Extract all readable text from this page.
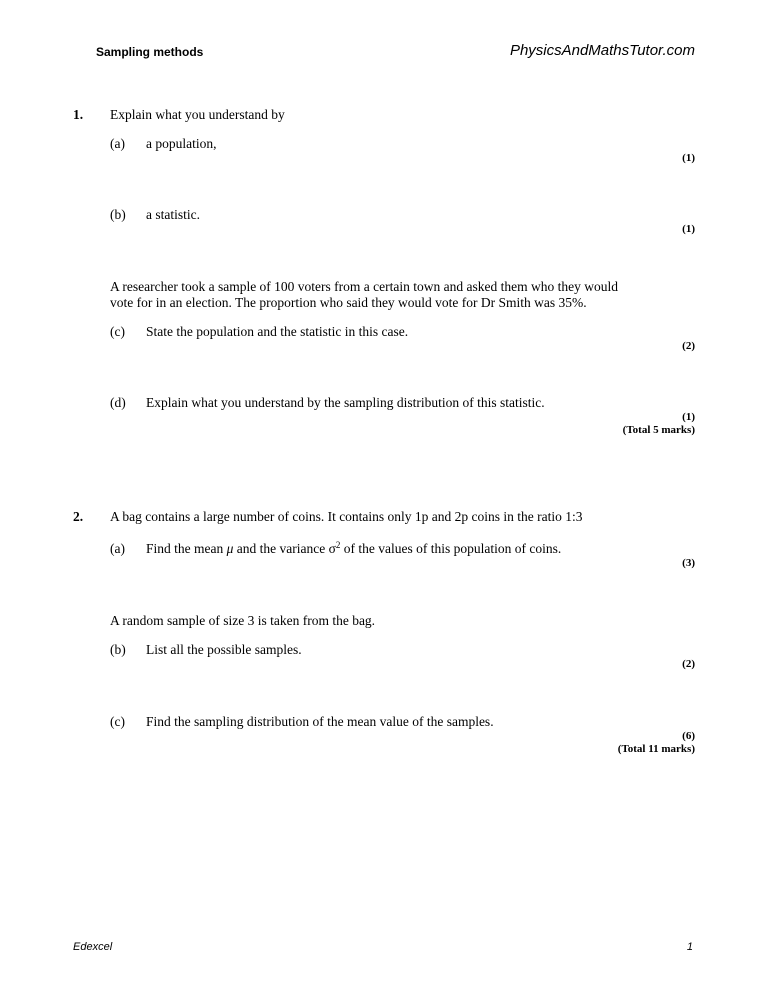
Sampling methods	PhysicsAndMathsTutor.com
1. Explain what you understand by
(a) a population,
(1)
(b) a statistic.
(1)
A researcher took a sample of 100 voters from a certain town and asked them who they would
vote for in an election. The proportion who said they would vote for Dr Smith was 35%.
(c) State the population and the statistic in this case.
(2)
(d) Explain what you understand by the sampling distribution of this statistic.
(1)
(Total 5 marks)
2. A bag contains a large number of coins. It contains only 1p and 2p coins in the ratio 1:3
(a) Find the mean μ and the variance $\sigma^2$ of the values of this population of coins.
(3)
A random sample of size 3 is taken from the bag.
(b) List all the possible samples.
(2)
(c) Find the sampling distribution of the mean value of the samples.
(6)
(Total 11 marks)
Edexcel	1
